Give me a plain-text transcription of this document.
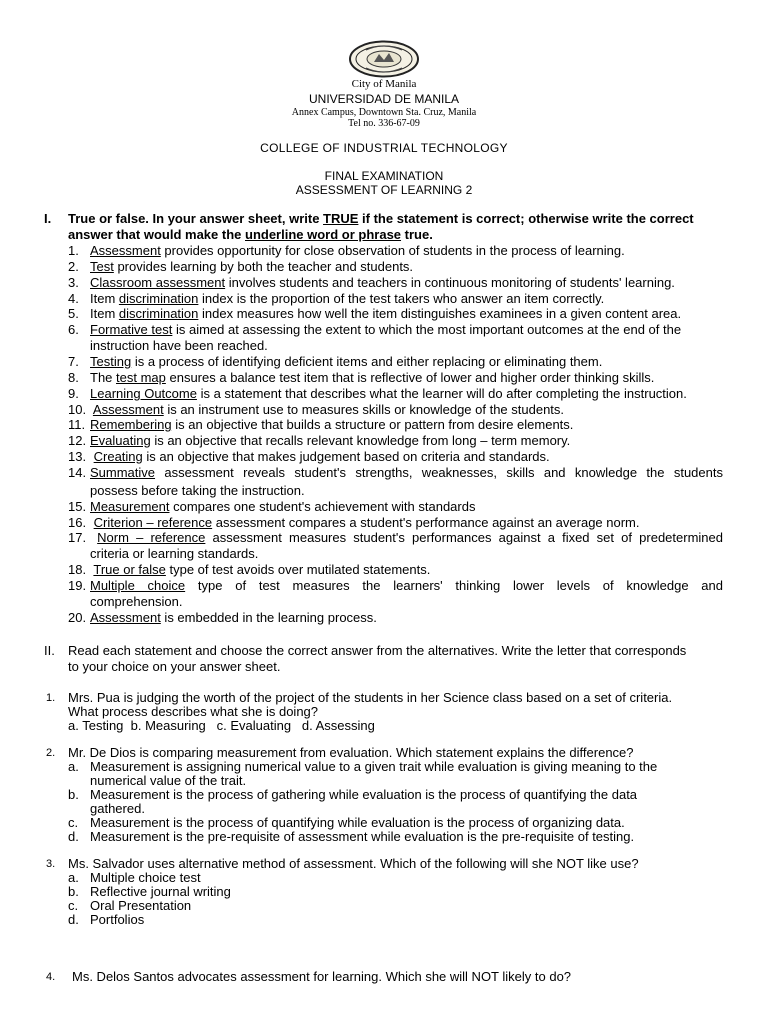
City of Manila
UNIVERSIDAD DE MANILA
Annex Campus, Downtown Sta. Cruz, Manila
Tel no. 336-67-09
COLLEGE OF INDUSTRIAL TECHNOLOGY
FINAL EXAMINATION
ASSESSMENT OF LEARNING 2
I. True or false. In your answer sheet, write TRUE if the statement is correct; otherwise write the correct
answer that would make the underline word or phrase true.
1. Assessment provides opportunity for close observation of students in the process of learning.
2. Test provides learning by both the teacher and students.
3. Classroom assessment involves students and teachers in continuous monitoring of students' learning.
4. Item discrimination index is the proportion of the test takers who answer an item correctly.
5. Item discrimination index measures how well the item distinguishes examinees in a given content area.
6. Formative test is aimed at assessing the extent to which the most important outcomes at the end of the
instruction have been reached.
7. Testing is a process of identifying deficient items and either replacing or eliminating them.
8. The test map ensures a balance test item that is reflective of lower and higher order thinking skills.
9. Learning Outcome is a statement that describes what the learner will do after completing the instruction.
10. Assessment is an instrument use to measures skills or knowledge of the students.
11. Remembering is an objective that builds a structure or pattern from desire elements.
12. Evaluating is an objective that recalls relevant knowledge from long – term memory.
13. Creating is an objective that makes judgement based on criteria and standards.
14. Summative assessment reveals student's strengths, weaknesses, skills and knowledge the students
possess before taking the instruction.
15. Measurement compares one student's achievement with standards
16. Criterion – reference assessment compares a student's performance against an average norm.
17. Norm – reference assessment measures student's performances against a fixed set of predetermined
criteria or learning standards.
18. True or false type of test avoids over mutilated statements.
19. Multiple choice type of test measures the learners' thinking lower levels of knowledge and
comprehension.
20. Assessment is embedded in the learning process.
II. Read each statement and choose the correct answer from the alternatives. Write the letter that corresponds
to your choice on your answer sheet.
1. Mrs. Pua is judging the worth of the project of the students in her Science class based on a set of criteria.
What process describes what she is doing?
a. Testing  b. Measuring   c. Evaluating   d. Assessing
2. Mr. De Dios is comparing measurement from evaluation. Which statement explains the difference?
a. Measurement is assigning numerical value to a given trait while evaluation is giving meaning to the
numerical value of the trait.
b. Measurement is the process of gathering while evaluation is the process of quantifying the data
gathered.
c. Measurement is the process of quantifying while evaluation is the process of organizing data.
d. Measurement is the pre-requisite of assessment while evaluation is the pre-requisite of testing.
3. Ms. Salvador uses alternative method of assessment. Which of the following will she NOT like use?
a. Multiple choice test
b. Reflective journal writing
c. Oral Presentation
d. Portfolios
4. Ms. Delos Santos advocates assessment for learning. Which she will NOT likely to do?
